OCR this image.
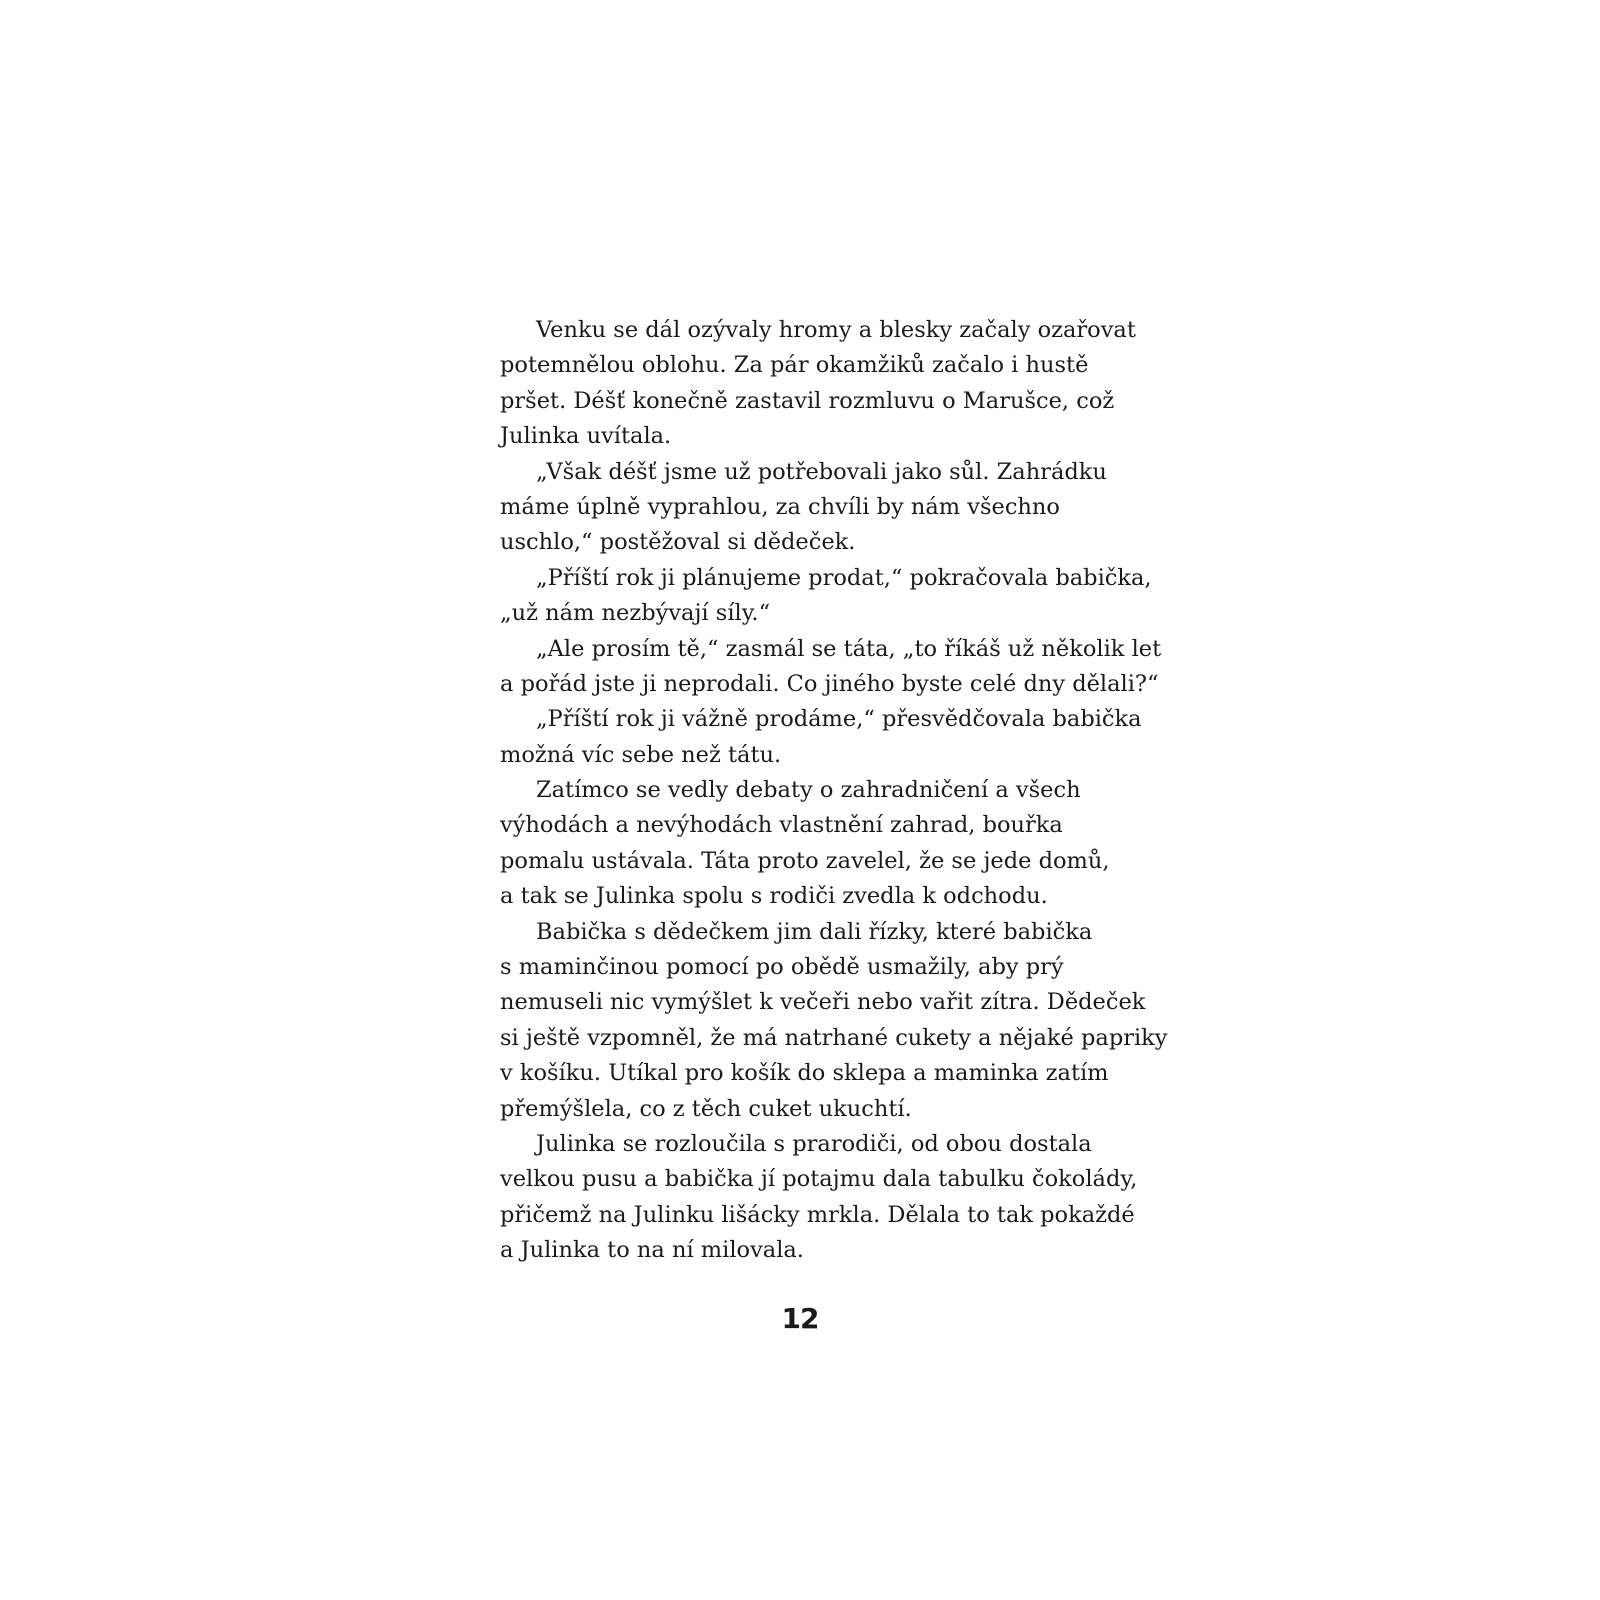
Venku se dál ozývaly hromy a blesky začaly ozařovat
potemnělou oblohu. Za pár okamžiků začalo i hustě
pršet. Déšť konečně zastavil rozmluvu o Marušce, což
Julinka uvítala.
„Však déšť jsme už potřebovali jako sůl. Zahrádku
máme úplně vyprahlou, za chvíli by nám všechno
uschlo,“ postěžoval si dědeček.
„Příští rok ji plánujeme prodat,“ pokračovala babička,
„už nám nezbývají síly.“
„Ale prosím tě,“ zasmál se táta, „to říkáš už několik let
a pořád jste ji neprodali. Co jiného byste celé dny dělali?“
„Příští rok ji vážně prodáme,“ přesvědčovala babička
možná víc sebe než tátu.
Zatímco se vedly debaty o zahradničení a všech
výhodách a nevýhodách vlastnění zahrad, bouřka
pomalu ustávala. Táta proto zavelel, že se jede domů,
a tak se Julinka spolu s rodiči zvedla k odchodu.
Babička s dědečkem jim dali řízky, které babička
s maminčinou pomocí po obědě usmažily, aby prý
nemuseli nic vymýšlet k večeři nebo vařit zítra. Dědeček
si ještě vzpomněl, že má natrhané cukety a nějaké papriky
v košíku. Utíkal pro košík do sklepa a maminka zatím
přemýšlela, co z těch cuket ukuchtí.
Julinka se rozloučila s prarodiči, od obou dostala
velkou pusu a babička jí potajmu dala tabulku čokolády,
přičemž na Julinku lišácky mrkla. Dělala to tak pokaždé
a Julinka to na ní milovala.
12
